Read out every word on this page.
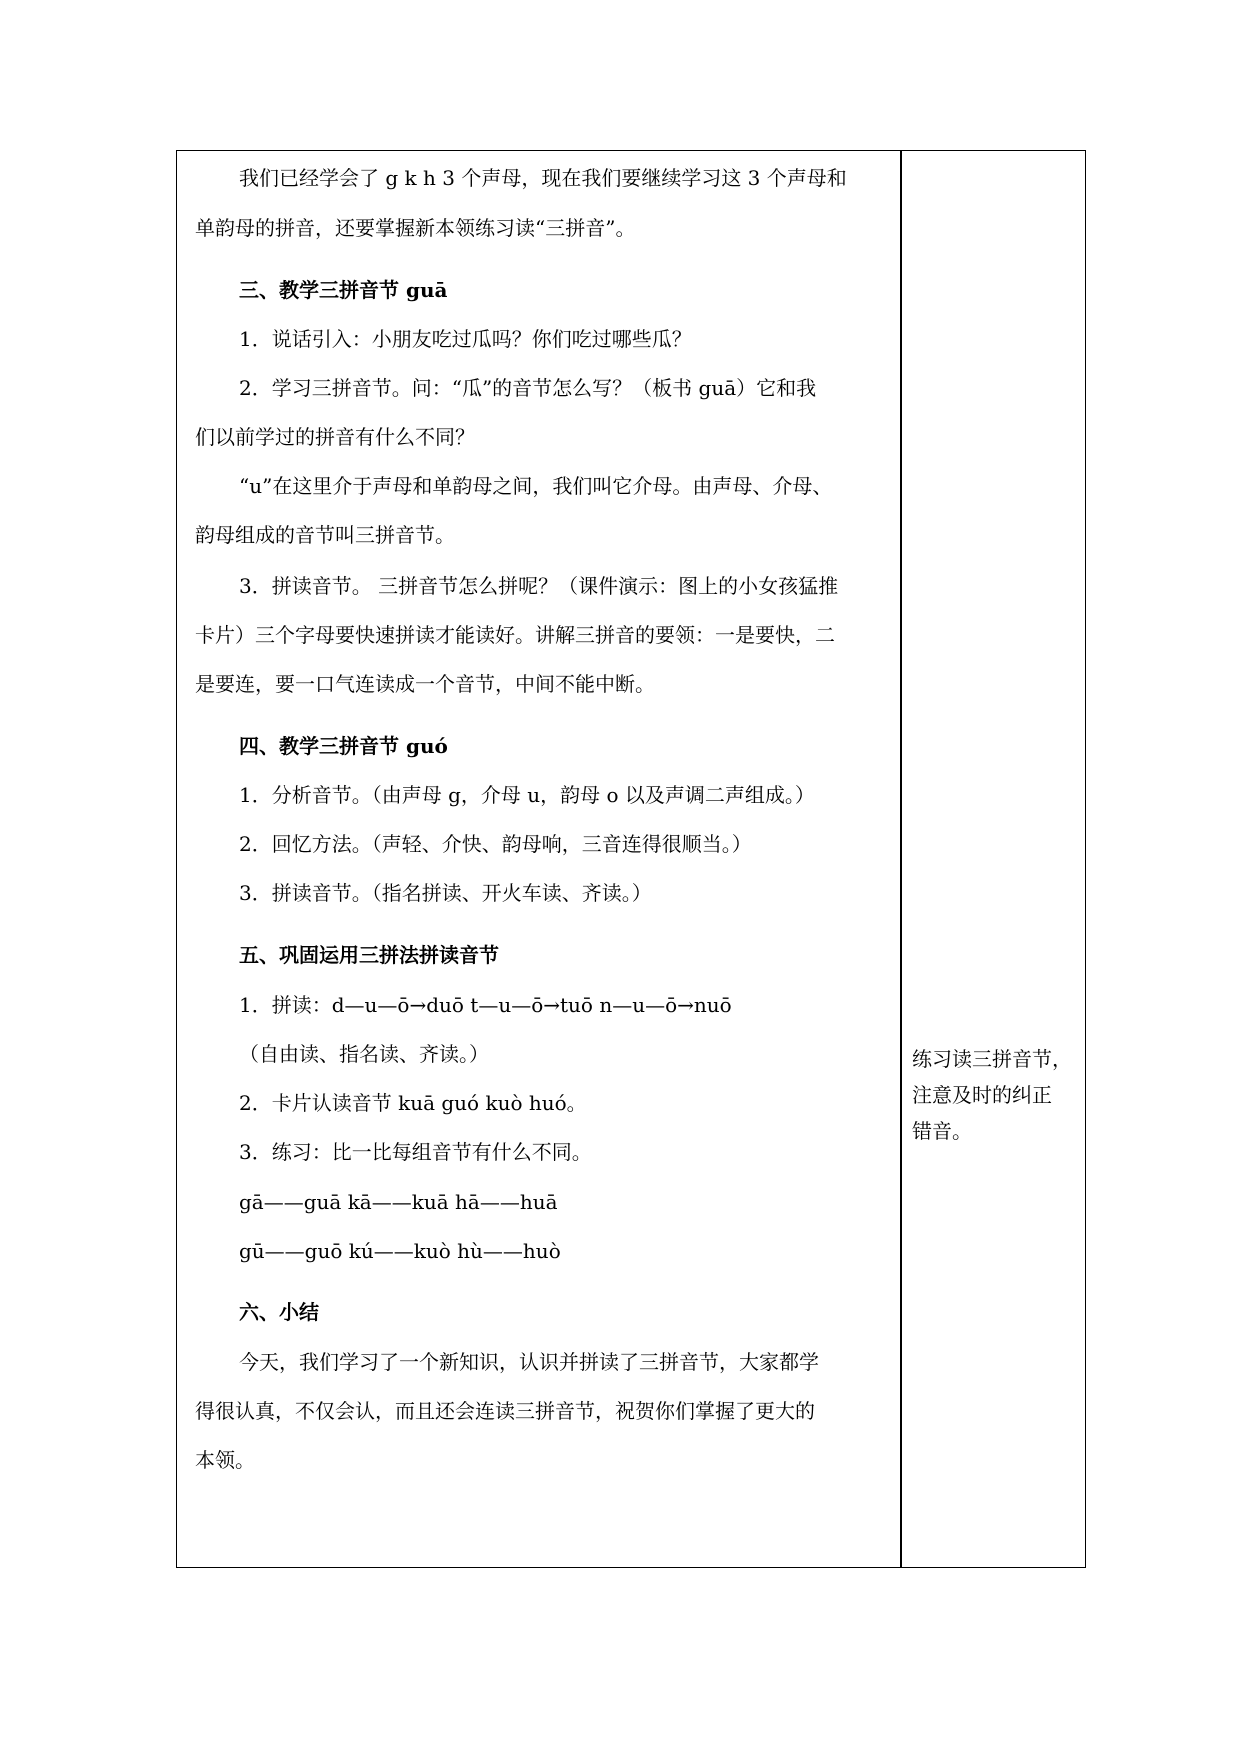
我们已经学会了 g k h 3 个声母，现在我们要继续学习这 3 个声母和
单韵母的拼音，还要掌握新本领练习读“三拼音”。
三、教学三拼音节 guā
1．说话引入：小朋友吃过瓜吗？你们吃过哪些瓜？
2．学习三拼音节。问：“瓜”的音节怎么写？（板书 guā）它和我
们以前学过的拼音有什么不同？
“u”在这里介于声母和单韵母之间，我们叫它介母。由声母、介母、
韵母组成的音节叫三拼音节。
3．拼读音节。 三拼音节怎么拼呢？（课件演示：图上的小女孩猛推
卡片）三个字母要快速拼读才能读好。讲解三拼音的要领：一是要快，二
是要连，要一口气连读成一个音节，中间不能中断。
四、教学三拼音节 guó
1．分析音节。（由声母 g，介母 u，韵母 o 以及声调二声组成。）
2．回忆方法。（声轻、介快、韵母响，三音连得很顺当。）
3．拼读音节。（指名拼读、开火车读、齐读。）
五、巩固运用三拼法拼读音节
1．拼读：d—u—ō→duō t—u—ō→tuō n—u—ō→nuō
（自由读、指名读、齐读。）
2．卡片认读音节 kuā guó kuò huó。
3．练习：比一比每组音节有什么不同。
gā——guā kā——kuā hā——huā
gū——guō kú——kuò hù——huò
六、小结
今天，我们学习了一个新知识，认识并拼读了三拼音节，大家都学
得很认真，不仅会认，而且还会连读三拼音节，祝贺你们掌握了更大的
本领。
练习读三拼音节，
注意及时的纠正
错音。
